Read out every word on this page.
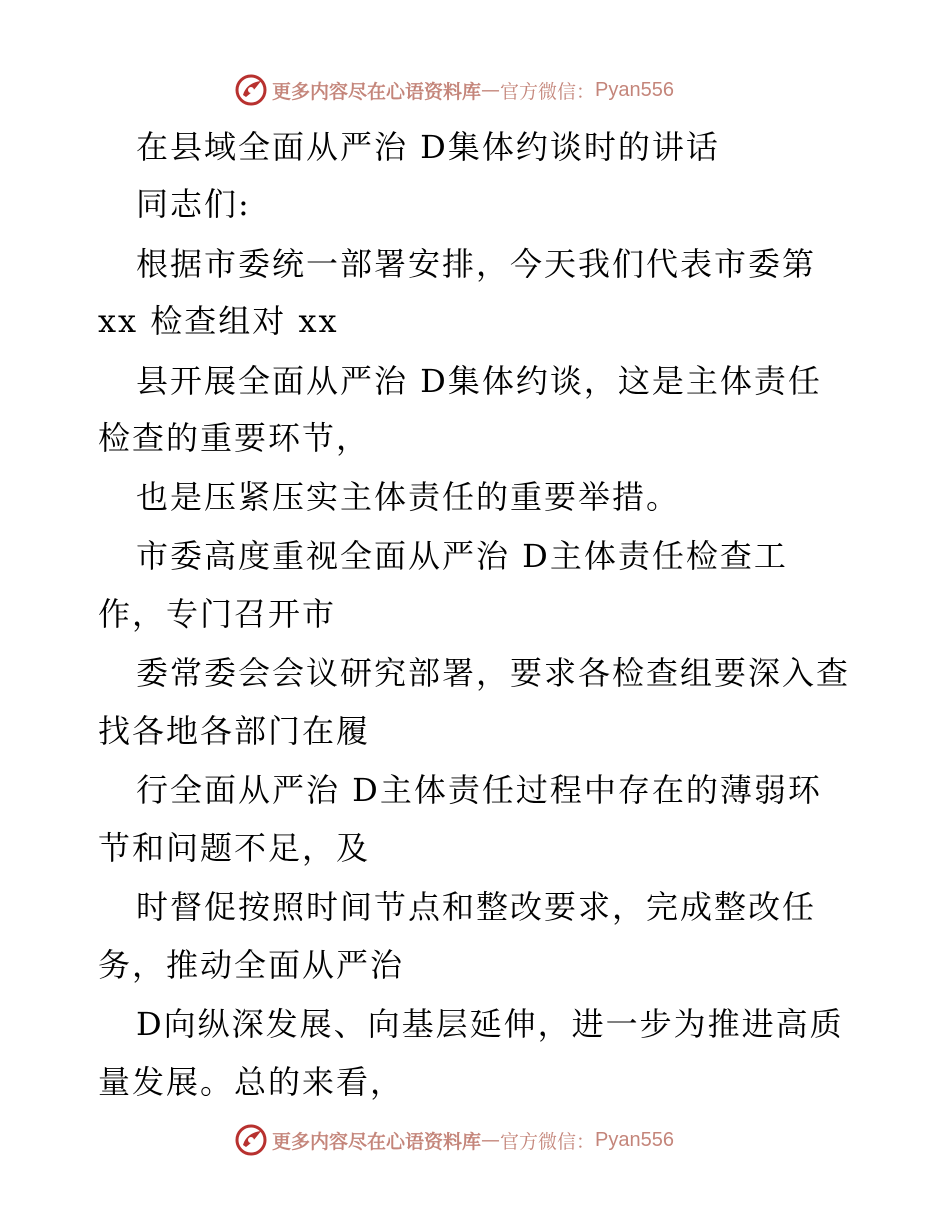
更多内容尽在心语资料库 — 官方微信： Pyan556
在县域全面从严治 D集体约谈时的讲话
同志们:
根据市委统一部署安排，今天我们代表市委第
xx 检查组对 xx
县开展全面从严治 D集体约谈，这是主体责任
检查的重要环节，
也是压紧压实主体责任的重要举措。
市委高度重视全面从严治 D主体责任检查工
作，专门召开市
委常委会会议研究部署，要求各检查组要深入查
找各地各部门在履
行全面从严治 D主体责任过程中存在的薄弱环
节和问题不足，及
时督促按照时间节点和整改要求，完成整改任
务，推动全面从严治
D向纵深发展、向基层延伸，进一步为推进高质
量发展。总的来看，
更多内容尽在心语资料库 — 官方微信： Pyan556
